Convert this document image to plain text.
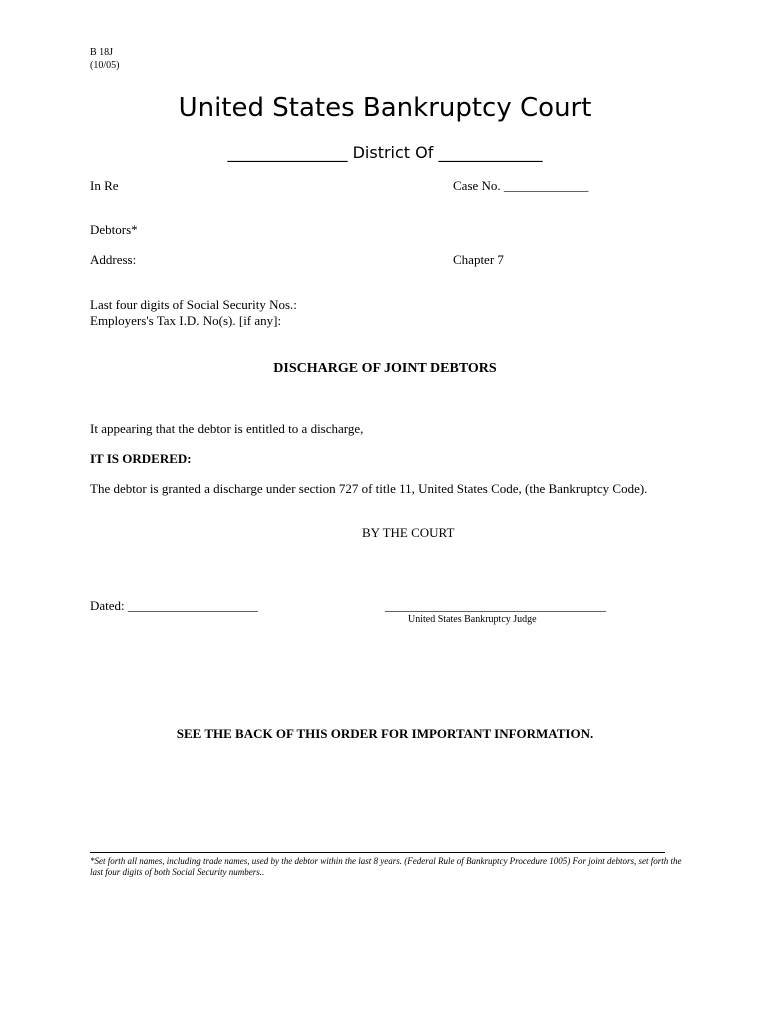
B 18J
(10/05)
United States Bankruptcy Court
_______________ District Of _____________
In Re	Case No. _____________
Debtors*
Address:	Chapter 7
Last four digits of Social Security Nos.:
Employers's Tax I.D. No(s). [if any]:
DISCHARGE OF JOINT DEBTORS
It appearing that the debtor is entitled to a discharge,
IT IS ORDERED:
The debtor is granted a discharge under section 727 of title 11, United States Code, (the Bankruptcy Code).
BY THE COURT
Dated: ____________________	__________________________________
United States Bankruptcy Judge
SEE THE BACK OF THIS ORDER FOR IMPORTANT INFORMATION.
*Set forth all names, including trade names, used by the debtor within the last 8 years. (Federal Rule of Bankruptcy Procedure 1005) For joint debtors, set forth the last four digits of both Social Security numbers..
